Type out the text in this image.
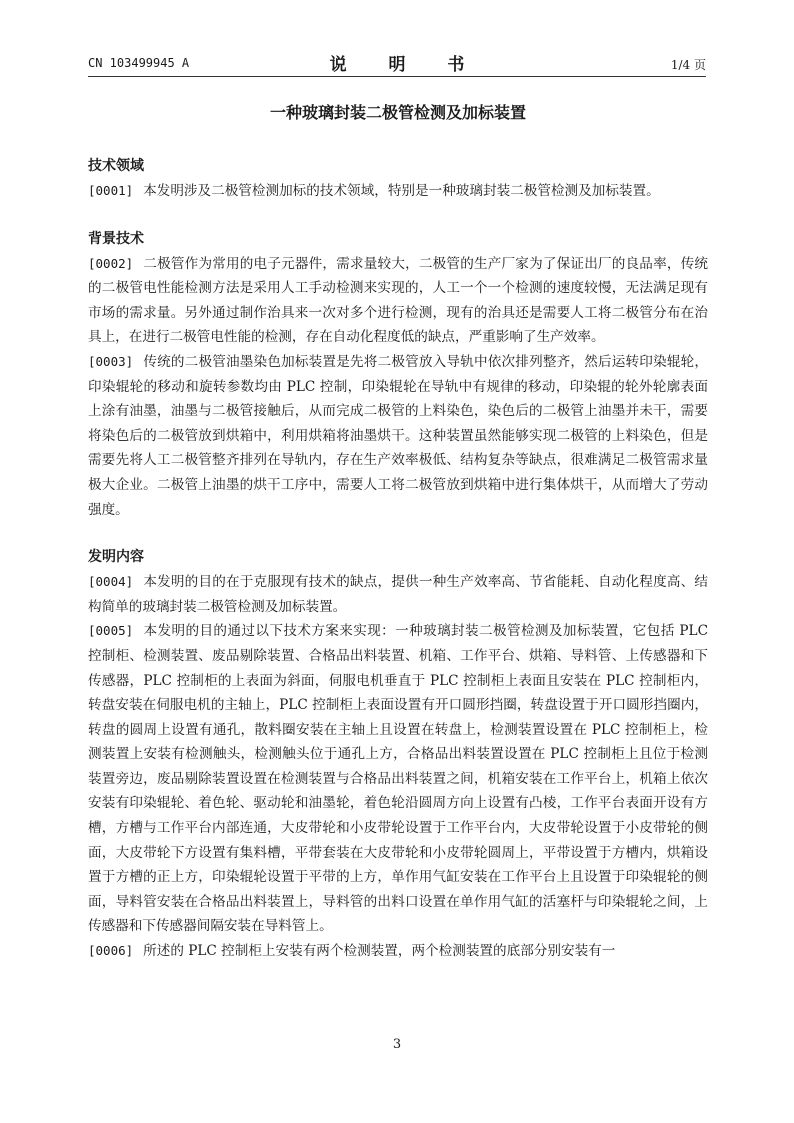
CN 103499945 A	说 明 书	1/4 页
一种玻璃封装二极管检测及加标装置

技术领域

[0001] 本发明涉及二极管检测加标的技术领域，特别是一种玻璃封装二极管检测及加标装置。

背景技术

[0002] 二极管作为常用的电子元器件，需求量较大，二极管的生产厂家为了保证出厂的良品率，传统的二极管电性能检测方法是采用人工手动检测来实现的，人工一个一个检测的速度较慢，无法满足现有市场的需求量。另外通过制作治具来一次对多个进行检测，现有的治具还是需要人工将二极管分布在治具上，在进行二极管电性能的检测，存在自动化程度低的缺点，严重影响了生产效率。

[0003] 传统的二极管油墨染色加标装置是先将二极管放入导轨中依次排列整齐，然后运转印染辊轮，印染辊轮的移动和旋转参数均由 PLC 控制，印染辊轮在导轨中有规律的移动，印染辊的轮外轮廓表面上涂有油墨，油墨与二极管接触后，从而完成二极管的上料染色，染色后的二极管上油墨并未干，需要将染色后的二极管放到烘箱中，利用烘箱将油墨烘干。这种装置虽然能够实现二极管的上料染色，但是需要先将人工二极管整齐排列在导轨内，存在生产效率极低、结构复杂等缺点，很难满足二极管需求量极大企业。二极管上油墨的烘干工序中，需要人工将二极管放到烘箱中进行集体烘干，从而增大了劳动强度。

发明内容

[0004] 本发明的目的在于克服现有技术的缺点，提供一种生产效率高、节省能耗、自动化程度高、结构简单的玻璃封装二极管检测及加标装置。

[0005] 本发明的目的通过以下技术方案来实现：一种玻璃封装二极管检测及加标装置，它包括 PLC 控制柜、检测装置、废品剔除装置、合格品出料装置、机箱、工作平台、烘箱、导料管、上传感器和下传感器，PLC 控制柜的上表面为斜面，伺服电机垂直于 PLC 控制柜上表面且安装在 PLC 控制柜内，转盘安装在伺服电机的主轴上，PLC 控制柜上表面设置有开口圆形挡圈，转盘设置于开口圆形挡圈内，转盘的圆周上设置有通孔，散料圈安装在主轴上且设置在转盘上，检测装置设置在 PLC 控制柜上，检测装置上安装有检测触头，检测触头位于通孔上方，合格品出料装置设置在 PLC 控制柜上且位于检测装置旁边，废品剔除装置设置在检测装置与合格品出料装置之间，机箱安装在工作平台上，机箱上依次安装有印染辊轮、着色轮、驱动轮和油墨轮，着色轮沿圆周方向上设置有凸棱，工作平台表面开设有方槽，方槽与工作平台内部连通，大皮带轮和小皮带轮设置于工作平台内，大皮带轮设置于小皮带轮的侧面，大皮带轮下方设置有集料槽，平带套装在大皮带轮和小皮带轮圆周上，平带设置于方槽内，烘箱设置于方槽的正上方，印染辊轮设置于平带的上方，单作用气缸安装在工作平台上且设置于印染辊轮的侧面，导料管安装在合格品出料装置上，导料管的出料口设置在单作用气缸的活塞杆与印染辊轮之间，上传感器和下传感器间隔安装在导料管上。

[0006] 所述的 PLC 控制柜上安装有两个检测装置，两个检测装置的底部分别安装有一

3
